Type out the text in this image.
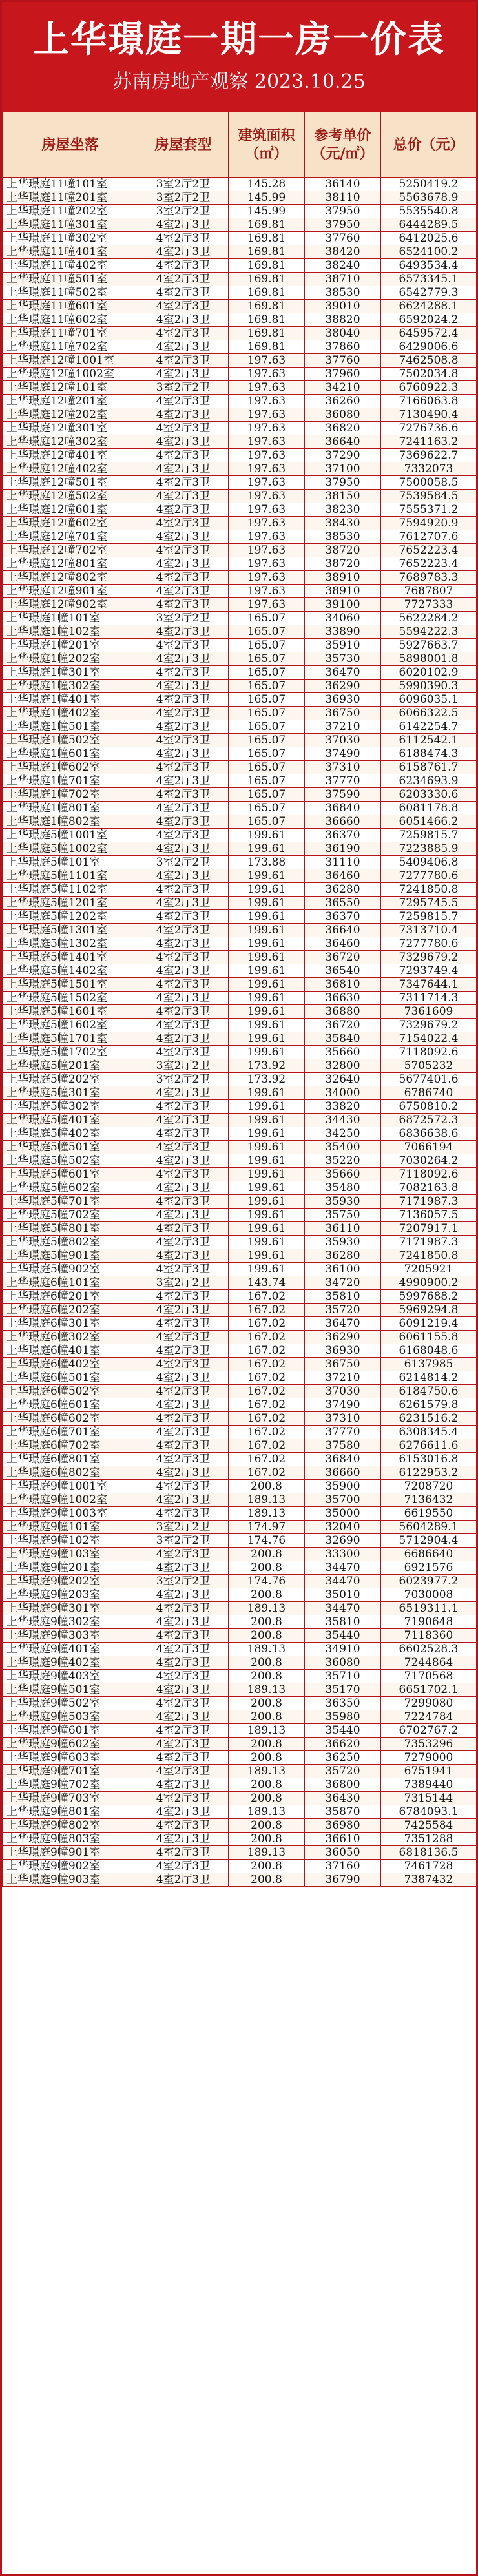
上华璟庭一期一房一价表
苏南房地产观察 2023.10.25
房屋坐落	房屋套型	建筑面积（㎡）	参考单价（元/㎡）	总价（元）
上华璟庭11幢101室	3室2厅2卫	145.28	36140	5250419.2
上华璟庭11幢201室	3室2厅2卫	145.99	38110	5563678.9
上华璟庭11幢202室	3室2厅2卫	145.99	37950	5535540.8
上华璟庭11幢301室	4室2厅3卫	169.81	37950	6444289.5
上华璟庭11幢302室	4室2厅3卫	169.81	37760	6412025.6
上华璟庭11幢401室	4室2厅3卫	169.81	38420	6524100.2
上华璟庭11幢402室	4室2厅3卫	169.81	38240	6493534.4
上华璟庭11幢501室	4室2厅3卫	169.81	38710	6573345.1
上华璟庭11幢502室	4室2厅3卫	169.81	38530	6542779.3
上华璟庭11幢601室	4室2厅3卫	169.81	39010	6624288.1
上华璟庭11幢602室	4室2厅3卫	169.81	38820	6592024.2
上华璟庭11幢701室	4室2厅3卫	169.81	38040	6459572.4
上华璟庭11幢702室	4室2厅3卫	169.81	37860	6429006.6
上华璟庭12幢1001室	4室2厅3卫	197.63	37760	7462508.8
上华璟庭12幢1002室	4室2厅3卫	197.63	37960	7502034.8
上华璟庭12幢101室	3室2厅2卫	197.63	34210	6760922.3
上华璟庭12幢201室	4室2厅3卫	197.63	36260	7166063.8
上华璟庭12幢202室	4室2厅3卫	197.63	36080	7130490.4
上华璟庭12幢301室	4室2厅3卫	197.63	36820	7276736.6
上华璟庭12幢302室	4室2厅3卫	197.63	36640	7241163.2
上华璟庭12幢401室	4室2厅3卫	197.63	37290	7369622.7
上华璟庭12幢402室	4室2厅3卫	197.63	37100	7332073
上华璟庭12幢501室	4室2厅3卫	197.63	37950	7500058.5
上华璟庭12幢502室	4室2厅3卫	197.63	38150	7539584.5
上华璟庭12幢601室	4室2厅3卫	197.63	38230	7555371.2
上华璟庭12幢602室	4室2厅3卫	197.63	38430	7594920.9
上华璟庭12幢701室	4室2厅3卫	197.63	38530	7612707.6
上华璟庭12幢702室	4室2厅3卫	197.63	38720	7652223.4
上华璟庭12幢801室	4室2厅3卫	197.63	38720	7652223.4
上华璟庭12幢802室	4室2厅3卫	197.63	38910	7689783.3
上华璟庭12幢901室	4室2厅3卫	197.63	38910	7687807
上华璟庭12幢902室	4室2厅3卫	197.63	39100	7727333
上华璟庭1幢101室	3室2厅2卫	165.07	34060	5622284.2
上华璟庭1幢102室	4室2厅3卫	165.07	33890	5594222.3
上华璟庭1幢201室	4室2厅3卫	165.07	35910	5927663.7
上华璟庭1幢202室	4室2厅3卫	165.07	35730	5898001.8
上华璟庭1幢301室	4室2厅3卫	165.07	36470	6020102.9
上华璟庭1幢302室	4室2厅3卫	165.07	36290	5990390.3
上华璟庭1幢401室	4室2厅3卫	165.07	36930	6096035.1
上华璟庭1幢402室	4室2厅3卫	165.07	36750	6066322.5
上华璟庭1幢501室	4室2厅3卫	165.07	37210	6142254.7
上华璟庭1幢502室	4室2厅3卫	165.07	37030	6112542.1
上华璟庭1幢601室	4室2厅3卫	165.07	37490	6188474.3
上华璟庭1幢602室	4室2厅3卫	165.07	37310	6158761.7
上华璟庭1幢701室	4室2厅3卫	165.07	37770	6234693.9
上华璟庭1幢702室	4室2厅3卫	165.07	37590	6203330.6
上华璟庭1幢801室	4室2厅3卫	165.07	36840	6081178.8
上华璟庭1幢802室	4室2厅3卫	165.07	36660	6051466.2
上华璟庭5幢1001室	4室2厅3卫	199.61	36370	7259815.7
上华璟庭5幢1002室	4室2厅3卫	199.61	36190	7223885.9
上华璟庭5幢101室	3室2厅2卫	173.88	31110	5409406.8
上华璟庭5幢1101室	4室2厅3卫	199.61	36460	7277780.6
上华璟庭5幢1102室	4室2厅3卫	199.61	36280	7241850.8
上华璟庭5幢1201室	4室2厅3卫	199.61	36550	7295745.5
上华璟庭5幢1202室	4室2厅3卫	199.61	36370	7259815.7
上华璟庭5幢1301室	4室2厅3卫	199.61	36640	7313710.4
上华璟庭5幢1302室	4室2厅3卫	199.61	36460	7277780.6
上华璟庭5幢1401室	4室2厅3卫	199.61	36720	7329679.2
上华璟庭5幢1402室	4室2厅3卫	199.61	36540	7293749.4
上华璟庭5幢1501室	4室2厅3卫	199.61	36810	7347644.1
上华璟庭5幢1502室	4室2厅3卫	199.61	36630	7311714.3
上华璟庭5幢1601室	4室2厅3卫	199.61	36880	7361609
上华璟庭5幢1602室	4室2厅3卫	199.61	36720	7329679.2
上华璟庭5幢1701室	4室2厅3卫	199.61	35840	7154022.4
上华璟庭5幢1702室	4室2厅3卫	199.61	35660	7118092.6
上华璟庭5幢201室	3室2厅2卫	173.92	32800	5705232
上华璟庭5幢202室	3室2厅2卫	173.92	32640	5677401.6
上华璟庭5幢301室	4室2厅3卫	199.61	34000	6786740
上华璟庭5幢302室	4室2厅3卫	199.61	33820	6750810.2
上华璟庭5幢401室	4室2厅3卫	199.61	34430	6872572.3
上华璟庭5幢402室	4室2厅3卫	199.61	34250	6836638.6
上华璟庭5幢501室	4室2厅3卫	199.61	35400	7066194
上华璟庭5幢502室	4室2厅3卫	199.61	35220	7030264.2
上华璟庭5幢601室	4室2厅3卫	199.61	35660	7118092.6
上华璟庭5幢602室	4室2厅3卫	199.61	35480	7082163.8
上华璟庭5幢701室	4室2厅3卫	199.61	35930	7171987.3
上华璟庭5幢702室	4室2厅3卫	199.61	35750	7136057.5
上华璟庭5幢801室	4室2厅3卫	199.61	36110	7207917.1
上华璟庭5幢802室	4室2厅3卫	199.61	35930	7171987.3
上华璟庭5幢901室	4室2厅3卫	199.61	36280	7241850.8
上华璟庭5幢902室	4室2厅3卫	199.61	36100	7205921
上华璟庭6幢101室	3室2厅2卫	143.74	34720	4990900.2
上华璟庭6幢201室	4室2厅3卫	167.02	35810	5997688.2
上华璟庭6幢202室	4室2厅3卫	167.02	35720	5969294.8
上华璟庭6幢301室	4室2厅3卫	167.02	36470	6091219.4
上华璟庭6幢302室	4室2厅3卫	167.02	36290	6061155.8
上华璟庭6幢401室	4室2厅3卫	167.02	36930	6168048.6
上华璟庭6幢402室	4室2厅3卫	167.02	36750	6137985
上华璟庭6幢501室	4室2厅3卫	167.02	37210	6214814.2
上华璟庭6幢502室	4室2厅3卫	167.02	37030	6184750.6
上华璟庭6幢601室	4室2厅3卫	167.02	37490	6261579.8
上华璟庭6幢602室	4室2厅3卫	167.02	37310	6231516.2
上华璟庭6幢701室	4室2厅3卫	167.02	37770	6308345.4
上华璟庭6幢702室	4室2厅3卫	167.02	37580	6276611.6
上华璟庭6幢801室	4室2厅3卫	167.02	36840	6153016.8
上华璟庭6幢802室	4室2厅3卫	167.02	36660	6122953.2
上华璟庭9幢1001室	4室2厅3卫	200.8	35900	7208720
上华璟庭9幢1002室	4室2厅3卫	189.13	35700	7136432
上华璟庭9幢1003室	4室2厅3卫	189.13	35000	6619550
上华璟庭9幢101室	3室2厅2卫	174.97	32040	5604289.1
上华璟庭9幢102室	3室2厅2卫	174.76	32690	5712904.4
上华璟庭9幢103室	4室2厅3卫	200.8	33300	6686640
上华璟庭9幢201室	4室2厅3卫	200.8	34470	6921576
上华璟庭9幢202室	3室2厅2卫	174.76	34470	6023977.2
上华璟庭9幢203室	4室2厅3卫	200.8	35010	7030008
上华璟庭9幢301室	4室2厅3卫	189.13	34470	6519311.1
上华璟庭9幢302室	4室2厅3卫	200.8	35810	7190648
上华璟庭9幢303室	4室2厅3卫	200.8	35440	7118360
上华璟庭9幢401室	4室2厅3卫	189.13	34910	6602528.3
上华璟庭9幢402室	4室2厅3卫	200.8	36080	7244864
上华璟庭9幢403室	4室2厅3卫	200.8	35710	7170568
上华璟庭9幢501室	4室2厅3卫	189.13	35170	6651702.1
上华璟庭9幢502室	4室2厅3卫	200.8	36350	7299080
上华璟庭9幢503室	4室2厅3卫	200.8	35980	7224784
上华璟庭9幢601室	4室2厅3卫	189.13	35440	6702767.2
上华璟庭9幢602室	4室2厅3卫	200.8	36620	7353296
上华璟庭9幢603室	4室2厅3卫	200.8	36250	7279000
上华璟庭9幢701室	4室2厅3卫	189.13	35720	6751941
上华璟庭9幢702室	4室2厅3卫	200.8	36800	7389440
上华璟庭9幢703室	4室2厅3卫	200.8	36430	7315144
上华璟庭9幢801室	4室2厅3卫	189.13	35870	6784093.1
上华璟庭9幢802室	4室2厅3卫	200.8	36980	7425584
上华璟庭9幢803室	4室2厅3卫	200.8	36610	7351288
上华璟庭9幢901室	4室2厅3卫	189.13	36050	6818136.5
上华璟庭9幢902室	4室2厅3卫	200.8	37160	7461728
上华璟庭9幢903室	4室2厅3卫	200.8	36790	7387432
